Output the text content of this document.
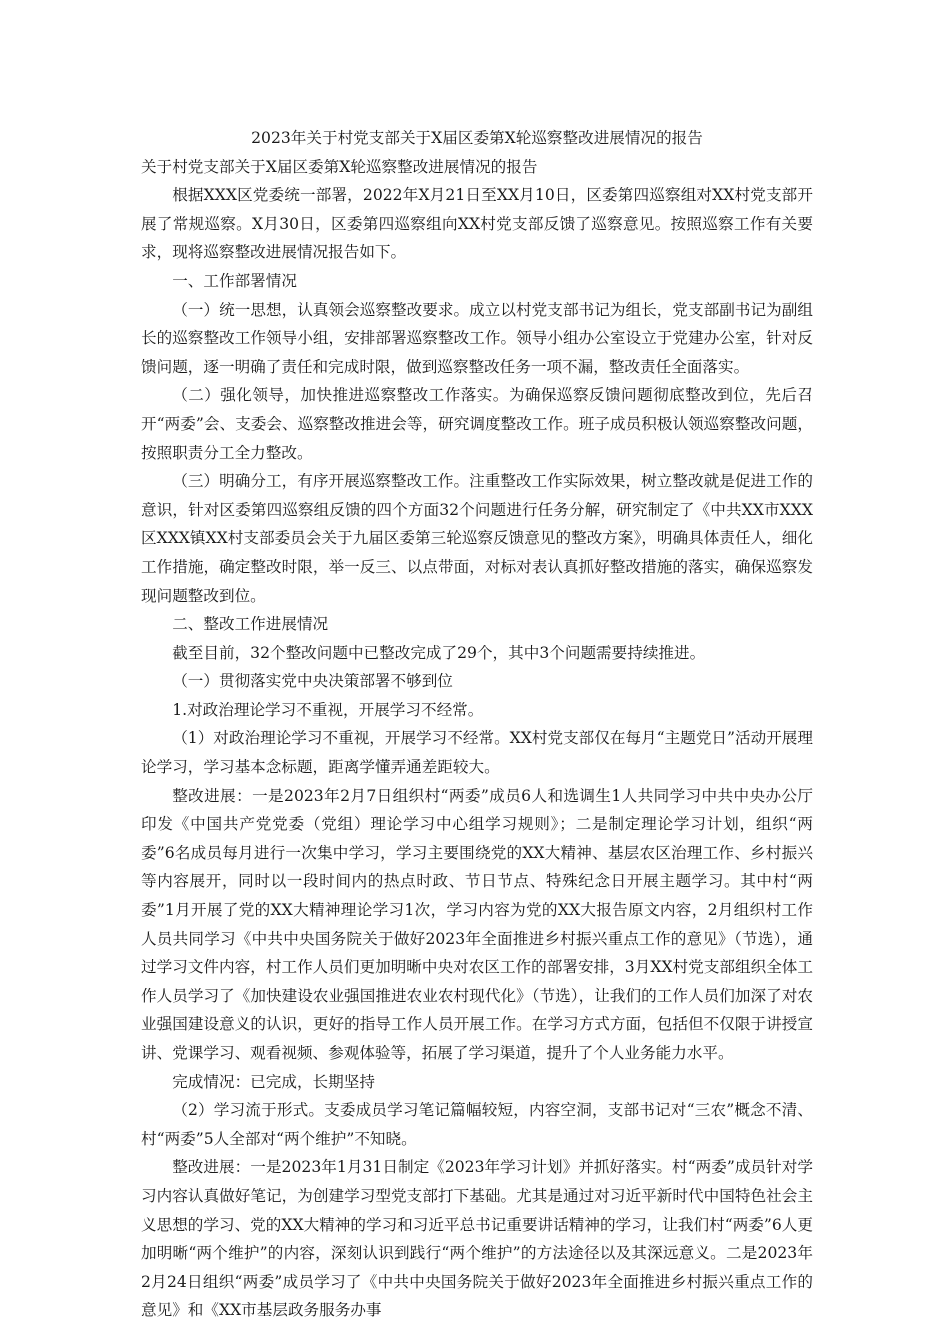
2023年关于村党支部关于X届区委第X轮巡察整改进展情况的报告

关于村党支部关于X届区委第X轮巡察整改进展情况的报告

根据XXX区党委统一部署，2022年X月21日至XX月10日，区委第四巡察组对XX村党支部开展了常规巡察。X月30日，区委第四巡察组向XX村党支部反馈了巡察意见。按照巡察工作有关要求，现将巡察整改进展情况报告如下。

一、工作部署情况

（一）统一思想，认真领会巡察整改要求。成立以村党支部书记为组长，党支部副书记为副组长的巡察整改工作领导小组，安排部署巡察整改工作。领导小组办公室设立于党建办公室，针对反馈问题，逐一明确了责任和完成时限，做到巡察整改任务一项不漏，整改责任全面落实。

（二）强化领导，加快推进巡察整改工作落实。为确保巡察反馈问题彻底整改到位，先后召开“两委”会、支委会、巡察整改推进会等，研究调度整改工作。班子成员积极认领巡察整改问题，按照职责分工全力整改。

（三）明确分工，有序开展巡察整改工作。注重整改工作实际效果，树立整改就是促进工作的意识，针对区委第四巡察组反馈的四个方面32个问题进行任务分解，研究制定了《中共XX市XXX区XXX镇XX村支部委员会关于九届区委第三轮巡察反馈意见的整改方案》，明确具体责任人，细化工作措施，确定整改时限，举一反三、以点带面，对标对表认真抓好整改措施的落实，确保巡察发现问题整改到位。

二、整改工作进展情况

截至目前，32个整改问题中已整改完成了29个，其中3个问题需要持续推进。

（一）贯彻落实党中央决策部署不够到位

1.对政治理论学习不重视，开展学习不经常。

（1）对政治理论学习不重视，开展学习不经常。XX村党支部仅在每月“主题党日”活动开展理论学习，学习基本念标题，距离学懂弄通差距较大。

整改进展：一是2023年2月7日组织村“两委”成员6人和选调生1人共同学习中共中央办公厅印发《中国共产党党委（党组）理论学习中心组学习规则》；二是制定理论学习计划，组织“两委”6名成员每月进行一次集中学习，学习主要围绕党的XX大精神、基层农区治理工作、乡村振兴等内容展开，同时以一段时间内的热点时政、节日节点、特殊纪念日开展主题学习。其中村“两委”1月开展了党的XX大精神理论学习1次，学习内容为党的XX大报告原文内容，2月组织村工作人员共同学习《中共中央国务院关于做好2023年全面推进乡村振兴重点工作的意见》（节选），通过学习文件内容，村工作人员们更加明晰中央对农区工作的部署安排，3月XX村党支部组织全体工作人员学习了《加快建设农业强国推进农业农村现代化》（节选），让我们的工作人员们加深了对农业强国建设意义的认识，更好的指导工作人员开展工作。在学习方式方面，包括但不仅限于讲授宣讲、党课学习、观看视频、参观体验等，拓展了学习渠道，提升了个人业务能力水平。

完成情况：已完成，长期坚持

（2）学习流于形式。支委成员学习笔记篇幅较短，内容空洞，支部书记对“三农”概念不清、村“两委”5人全部对“两个维护”不知晓。

整改进展：一是2023年1月31日制定《2023年学习计划》并抓好落实。村“两委”成员针对学习内容认真做好笔记，为创建学习型党支部打下基础。尤其是通过对习近平新时代中国特色社会主义思想的学习、党的XX大精神的学习和习近平总书记重要讲话精神的学习，让我们村“两委”6人更加明晰“两个维护”的内容，深刻认识到践行“两个维护”的方法途径以及其深远意义。二是2023年2月24日组织“两委”成员学习了《中共中央国务院关于做好2023年全面推进乡村振兴重点工作的意见》和《XX市基层政务服务办事
